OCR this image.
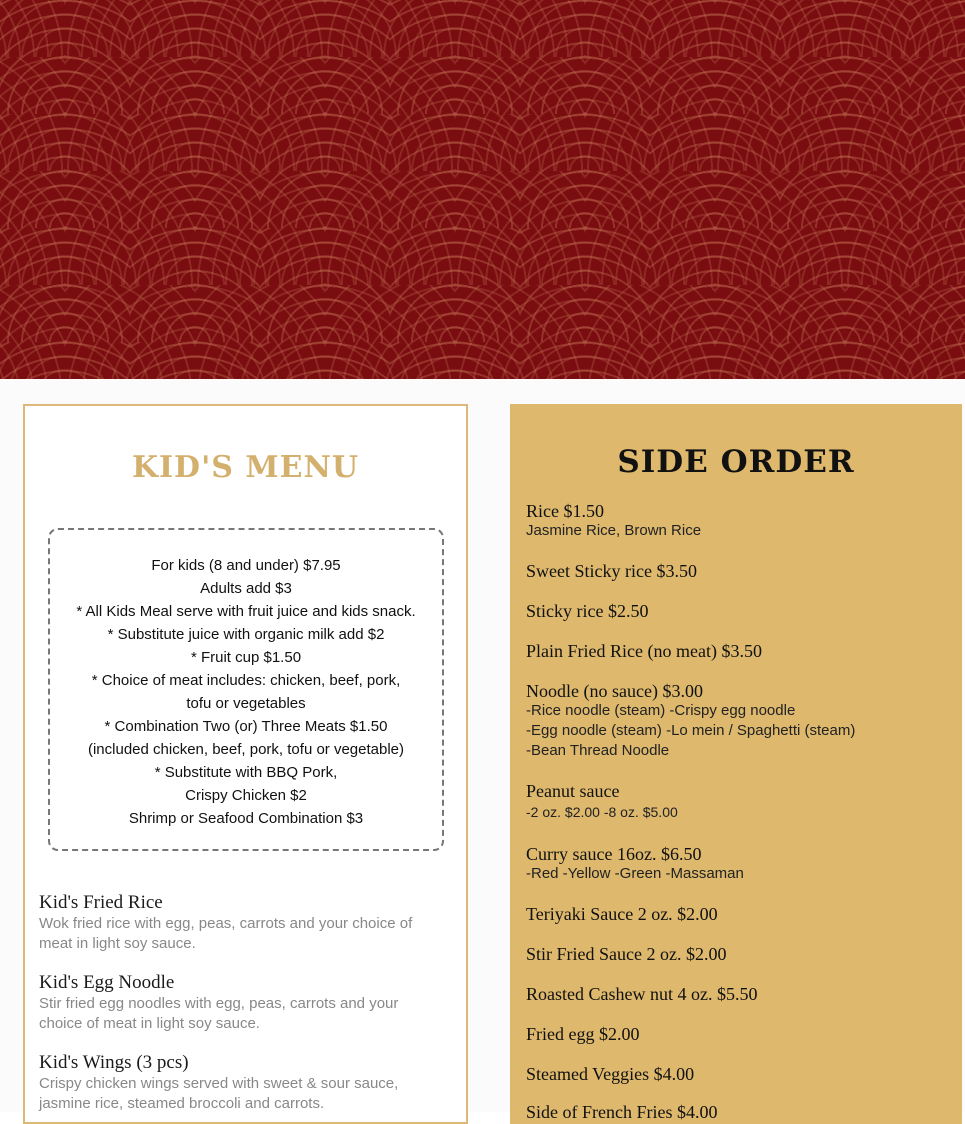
KID'S MENU

For kids (8 and under) $7.95

Adults add $3

* All Kids Meal serve with fruit juice and kids snack.

* Substitute juice with organic milk add $2

* Fruit cup $1.50

* Choice of meat includes: chicken, beef, pork,

tofu or vegetables

* Combination Two (or) Three Meats $1.50

(included chicken, beef, pork, tofu or vegetable)

* Substitute with BBQ Pork,

Crispy Chicken $2

Shrimp or Seafood Combination $3

Kid's Fried Rice
Wok fried rice with egg, peas, carrots and your choice of meat in light soy sauce.
Kid's Egg Noodle
Stir fried egg noodles with egg, peas, carrots and your choice of meat in light soy sauce.
Kid's Wings (3 pcs)
Crispy chicken wings served with sweet & sour sauce, jasmine rice, steamed broccoli and carrots.
SIDE ORDER
Rice $1.50
Jasmine Rice, Brown Rice
Sweet Sticky rice $3.50
Sticky rice $2.50
Plain Fried Rice (no meat) $3.50
Noodle (no sauce) $3.00
-Rice noodle (steam) -Crispy egg noodle
-Egg noodle (steam) -Lo mein / Spaghetti (steam)
-Bean Thread Noodle
Peanut sauce
-2 oz. $2.00 -8 oz. $5.00
Curry sauce 16oz. $6.50
-Red -Yellow -Green -Massaman
Teriyaki Sauce 2 oz. $2.00
Stir Fried Sauce 2 oz. $2.00
Roasted Cashew nut 4 oz. $5.50
Fried egg $2.00
Steamed Veggies $4.00
Side of French Fries $4.00
